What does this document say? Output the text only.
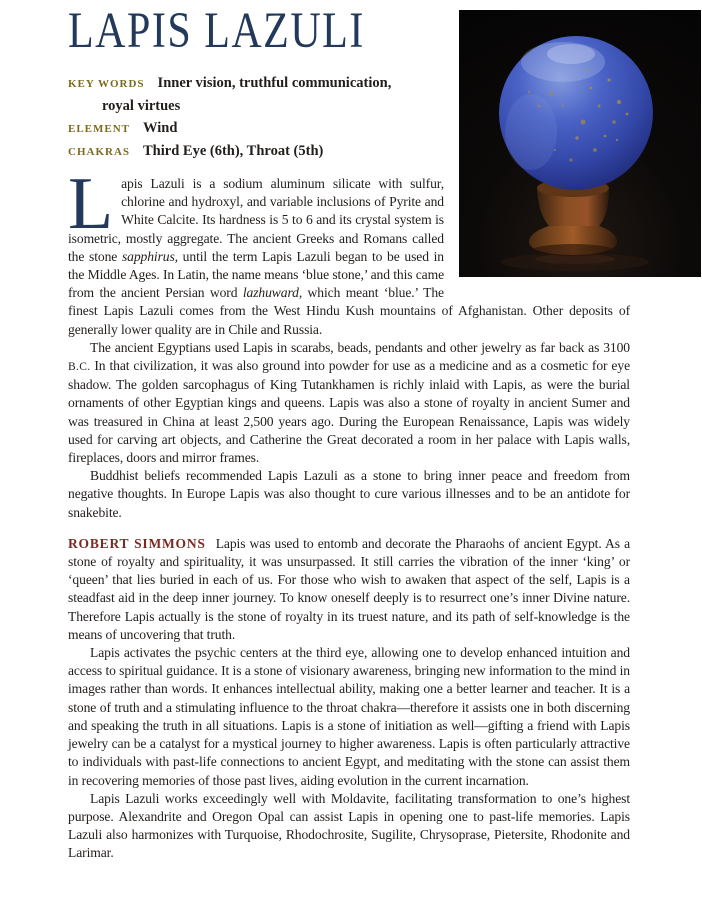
LAPIS LAZULI
KEY WORDS Inner vision, truthful communication, royal virtues
ELEMENT Wind
CHAKRAS Third Eye (6th), Throat (5th)

Lapis Lazuli is a sodium aluminum silicate with sulfur, chlorine and hydroxyl, and variable inclusions of Pyrite and White Calcite. Its hardness is 5 to 6 and its crystal system is isometric, mostly aggregate. The ancient Greeks and Romans called the stone sapphirus, until the term Lapis Lazuli began to be used in the Middle Ages. In Latin, the name means ‘blue stone,’ and this came from the ancient Persian word lazhuward, which meant ‘blue.’ The finest Lapis Lazuli comes from the West Hindu Kush mountains of Afghanistan. Other deposits of generally lower quality are in Chile and Russia.

The ancient Egyptians used Lapis in scarabs, beads, pendants and other jewelry as far back as 3100 B.C. In that civilization, it was also ground into powder for use as a medicine and as a cosmetic for eye shadow. The golden sarcophagus of King Tutankhamen is richly inlaid with Lapis, as were the burial ornaments of other Egyptian kings and queens. Lapis was also a stone of royalty in ancient Sumer and was treasured in China at least 2,500 years ago. During the European Renaissance, Lapis was widely used for carving art objects, and Catherine the Great decorated a room in her palace with Lapis walls, fireplaces, doors and mirror frames.

Buddhist beliefs recommended Lapis Lazuli as a stone to bring inner peace and freedom from negative thoughts. In Europe Lapis was also thought to cure various illnesses and to be an antidote for snakebite.

ROBERT SIMMONS Lapis was used to entomb and decorate the Pharaohs of ancient Egypt. As a stone of royalty and spirituality, it was unsurpassed. It still carries the vibration of the inner ‘king’ or ‘queen’ that lies buried in each of us. For those who wish to awaken that aspect of the self, Lapis is a steadfast aid in the deep inner journey. To know oneself deeply is to resurrect one’s inner Divine nature. Therefore Lapis actually is the stone of royalty in its truest nature, and its path of self-knowledge is the means of uncovering that truth.

Lapis activates the psychic centers at the third eye, allowing one to develop enhanced intuition and access to spiritual guidance. It is a stone of visionary awareness, bringing new information to the mind in images rather than words. It enhances intellectual ability, making one a better learner and teacher. It is a stone of truth and a stimulating influence to the throat chakra—therefore it assists one in both discerning and speaking the truth in all situations. Lapis is a stone of initiation as well—gifting a friend with Lapis jewelry can be a catalyst for a mystical journey to higher awareness. Lapis is often particularly attractive to individuals with past-life connections to ancient Egypt, and meditating with the stone can assist them in recovering memories of those past lives, aiding evolution in the current incarnation.

Lapis Lazuli works exceedingly well with Moldavite, facilitating transformation to one’s highest purpose. Alexandrite and Oregon Opal can assist Lapis in opening one to past-life memories. Lapis Lazuli also harmonizes with Turquoise, Rhodochrosite, Sugilite, Chrysoprase, Pietersite, Rhodonite and Larimar.
